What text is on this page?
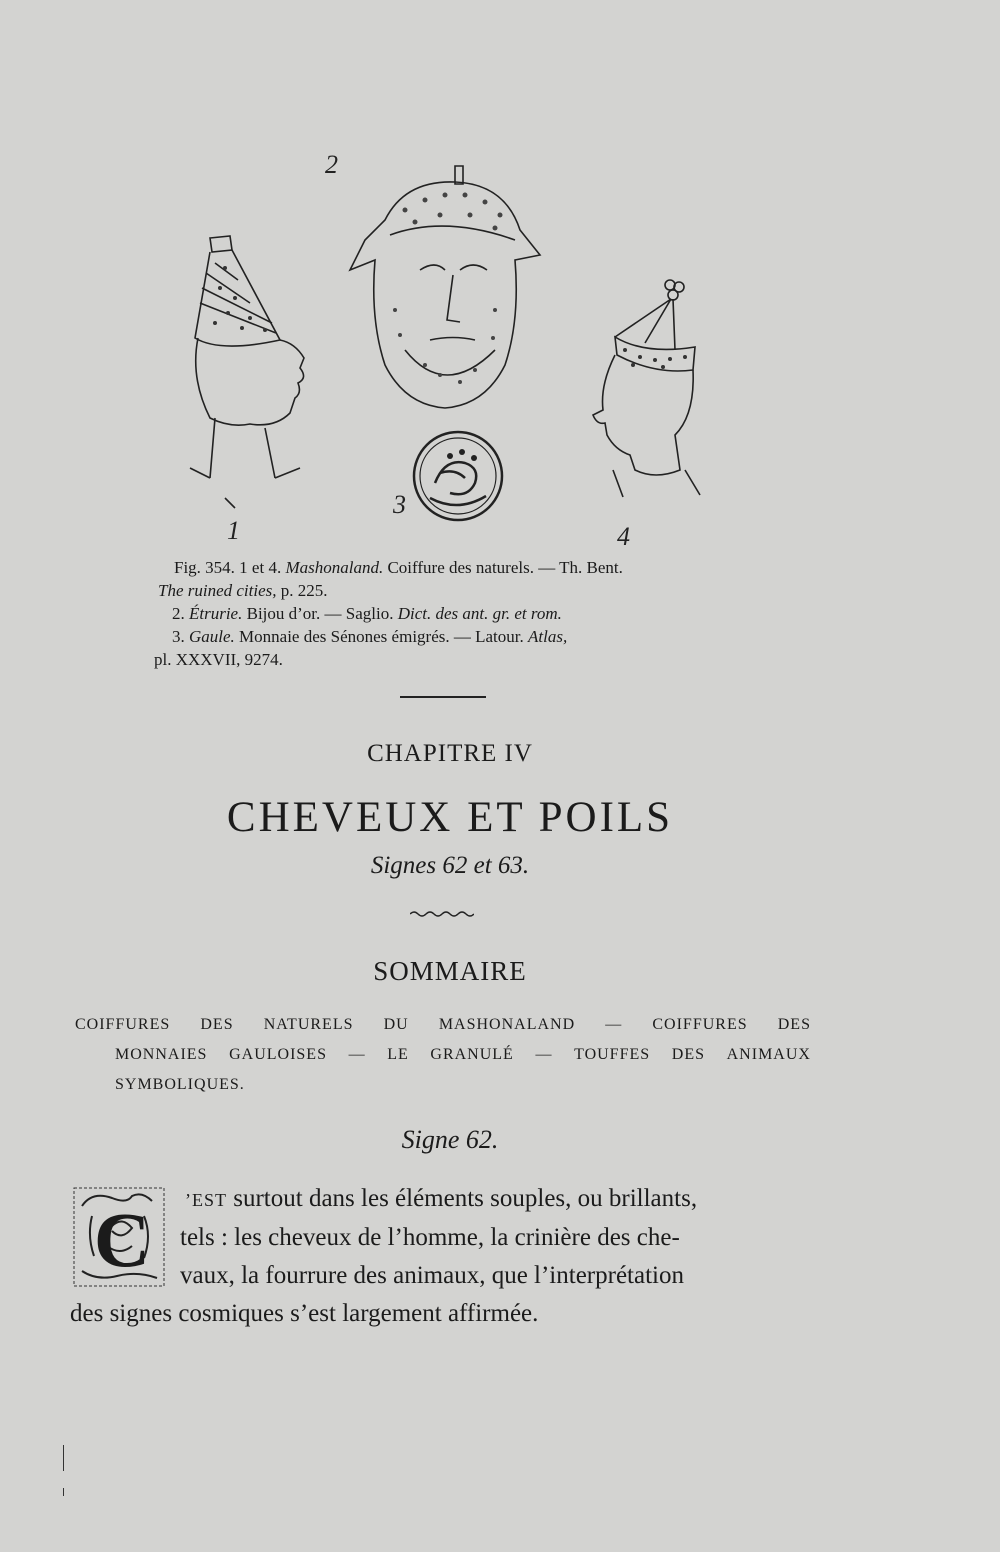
2
1
3
4
Fig. 354. 1 et 4. Mashonaland. Coiffure des naturels. — Th. Bent.
The ruined cities, p. 225.
2. Étrurie. Bijou d’or. — Saglio. Dict. des ant. gr. et rom.
3. Gaule. Monnaie des Sénones émigrés. — Latour. Atlas,
pl. XXXVII, 9274.
CHAPITRE IV
CHEVEUX ET POILS
Signes 62 et 63.
SOMMAIRE
COIFFURES DES NATURELS DU MASHONALAND — COIFFURES DES
MONNAIES GAULOISES — LE GRANULÉ — TOUFFES DES ANIMAUX
SYMBOLIQUES.
Signe 62.
C	’EST surtout dans les éléments souples, ou brillants,
tels : les cheveux de l’homme, la crinière des che-
vaux, la fourrure des animaux, que l’interprétation
des signes cosmiques s’est largement affirmée.
